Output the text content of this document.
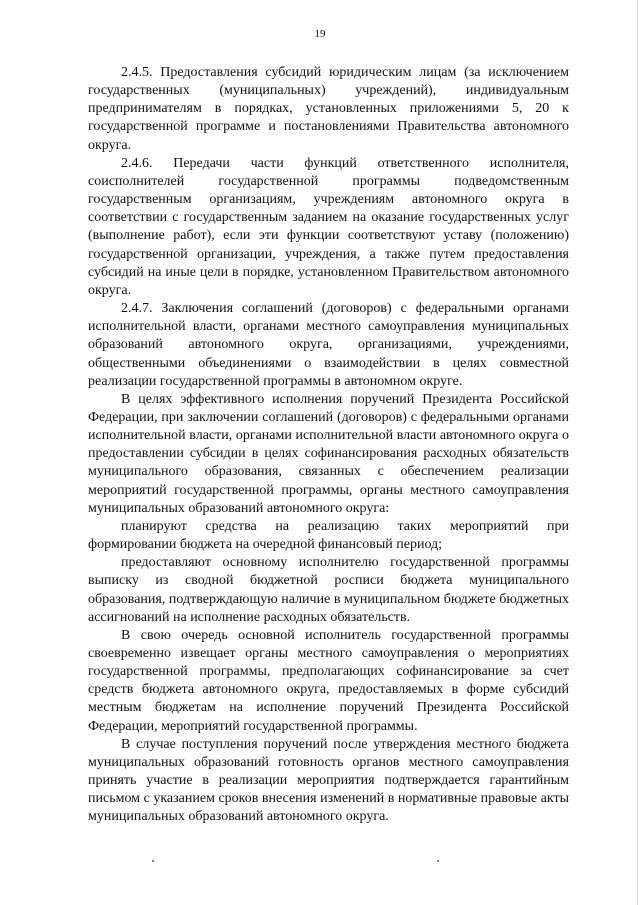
19

2.4.5. Предоставления субсидий юридическим лицам (за исключением государственных (муниципальных) учреждений), индивидуальным предпринимателям в порядках, установленных приложениями 5, 20 к государственной программе и постановлениями Правительства автономного округа.

2.4.6. Передачи части функций ответственного исполнителя, соисполнителей государственной программы подведомственным государственным организациям, учреждениям автономного округа в соответствии с государственным заданием на оказание государственных услуг (выполнение работ), если эти функции соответствуют уставу (положению) государственной организации, учреждения, а также путем предоставления субсидий на иные цели в порядке, установленном Правительством автономного округа.

2.4.7. Заключения соглашений (договоров) с федеральными органами исполнительной власти, органами местного самоуправления муниципальных образований автономного округа, организациями, учреждениями, общественными объединениями о взаимодействии в целях совместной реализации государственной программы в автономном округе.

В целях эффективного исполнения поручений Президента Российской Федерации, при заключении соглашений (договоров) с федеральными органами исполнительной власти, органами исполнительной власти автономного округа о предоставлении субсидии в целях софинансирования расходных обязательств муниципального образования, связанных с обеспечением реализации мероприятий государственной программы, органы местного самоуправления муниципальных образований автономного округа:

планируют средства на реализацию таких мероприятий при формировании бюджета на очередной финансовый период;

предоставляют основному исполнителю государственной программы выписку из сводной бюджетной росписи бюджета муниципального образования, подтверждающую наличие в муниципальном бюджете бюджетных ассигнований на исполнение расходных обязательств.

В свою очередь основной исполнитель государственной программы своевременно извещает органы местного самоуправления о мероприятиях государственной программы, предполагающих софинансирование за счет средств бюджета автономного округа, предоставляемых в форме субсидий местным бюджетам на исполнение поручений Президента Российской Федерации, мероприятий государственной программы.

В случае поступления поручений после утверждения местного бюджета муниципальных образований готовность органов местного самоуправления принять участие в реализации мероприятия подтверждается гарантийным письмом с указанием сроков внесения изменений в нормативные правовые акты муниципальных образований автономного округа.
